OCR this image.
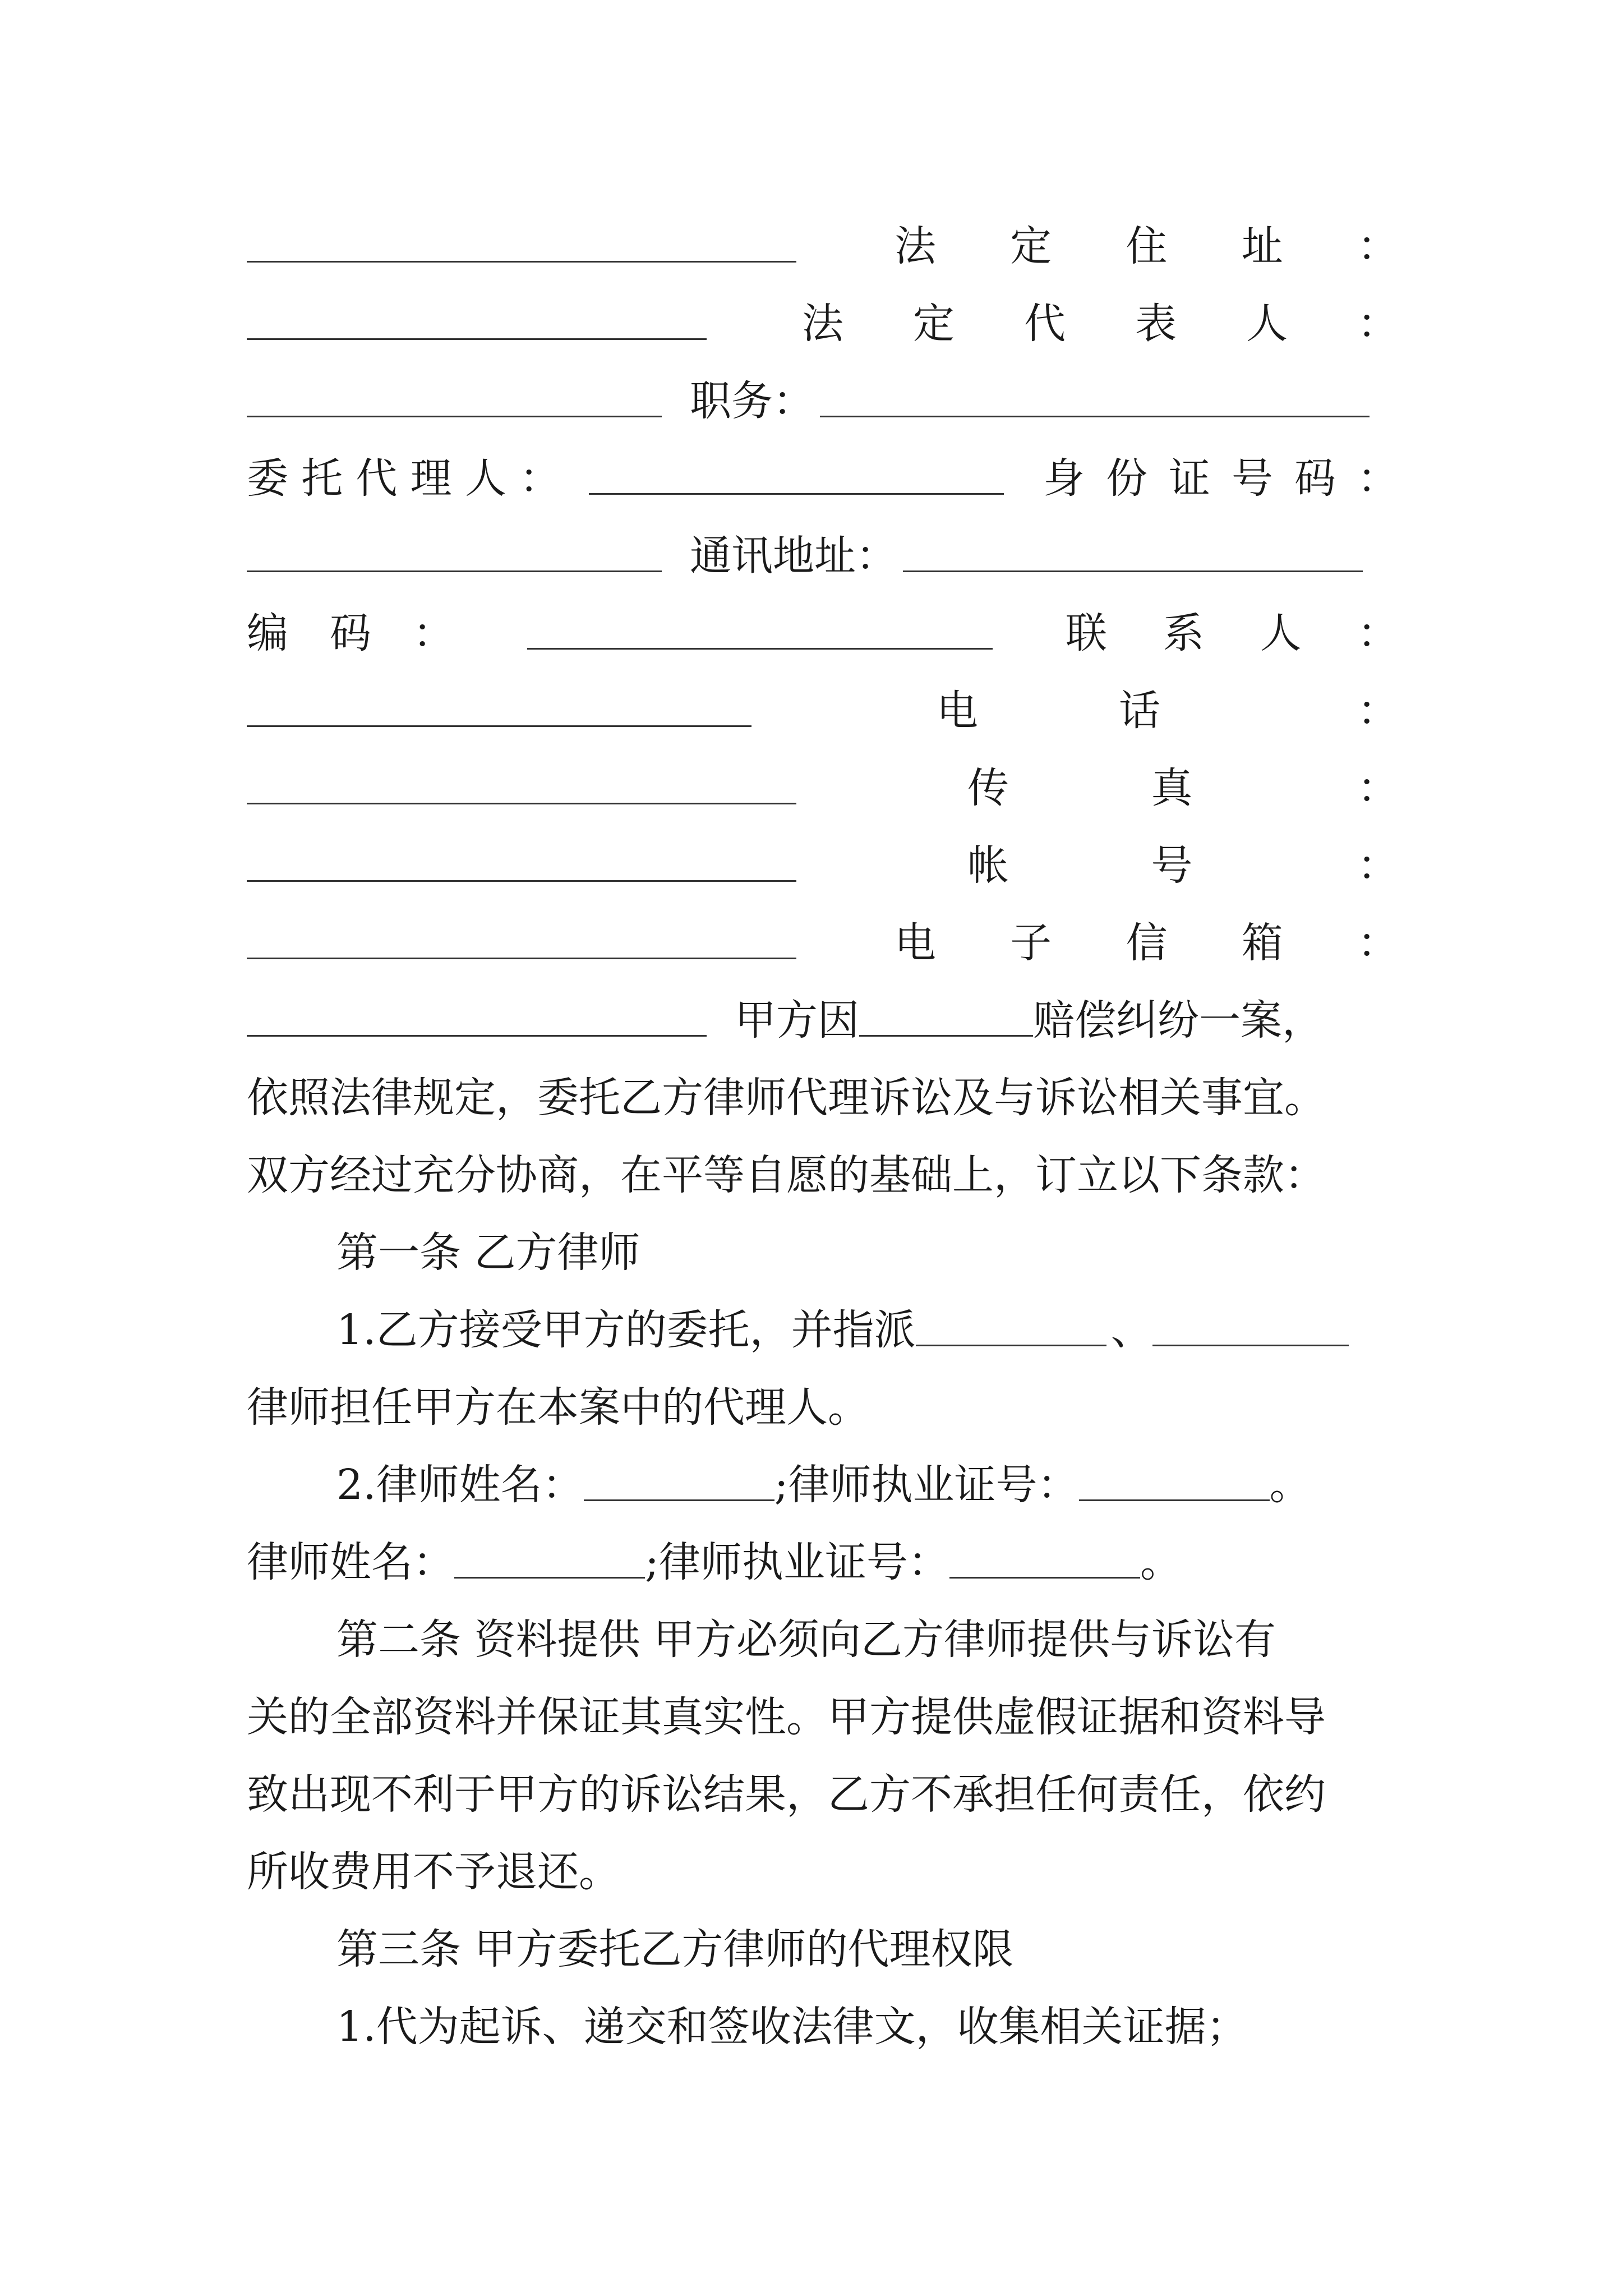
法 定 住 址 ：
法 定 代 表 人 ：
职务：
委 托 代 理 人 ：	身 份 证 号 码 ：
通讯地址：
编 码 ：	联 系 人 ：
电	话	：
传	真	：
帐	号	：
电 子 信 箱 ：
甲方因	赔偿纠纷一案，
依照法律规定，委托乙方律师代理诉讼及与诉讼相关事宜。
双方经过充分协商，在平等自愿的基础上，订立以下条款：
第一条 乙方律师
1.乙方接受甲方的委托，并指派	、
律师担任甲方在本案中的代理人。
2.律师姓名：	;律师执业证号：	。
律师姓名：	;律师执业证号：	。
第二条 资料提供 甲方必须向乙方律师提供与诉讼有
关的全部资料并保证其真实性。甲方提供虚假证据和资料导
致出现不利于甲方的诉讼结果，乙方不承担任何责任，依约
所收费用不予退还。
第三条 甲方委托乙方律师的代理权限
1.代为起诉、递交和签收法律文，收集相关证据；
